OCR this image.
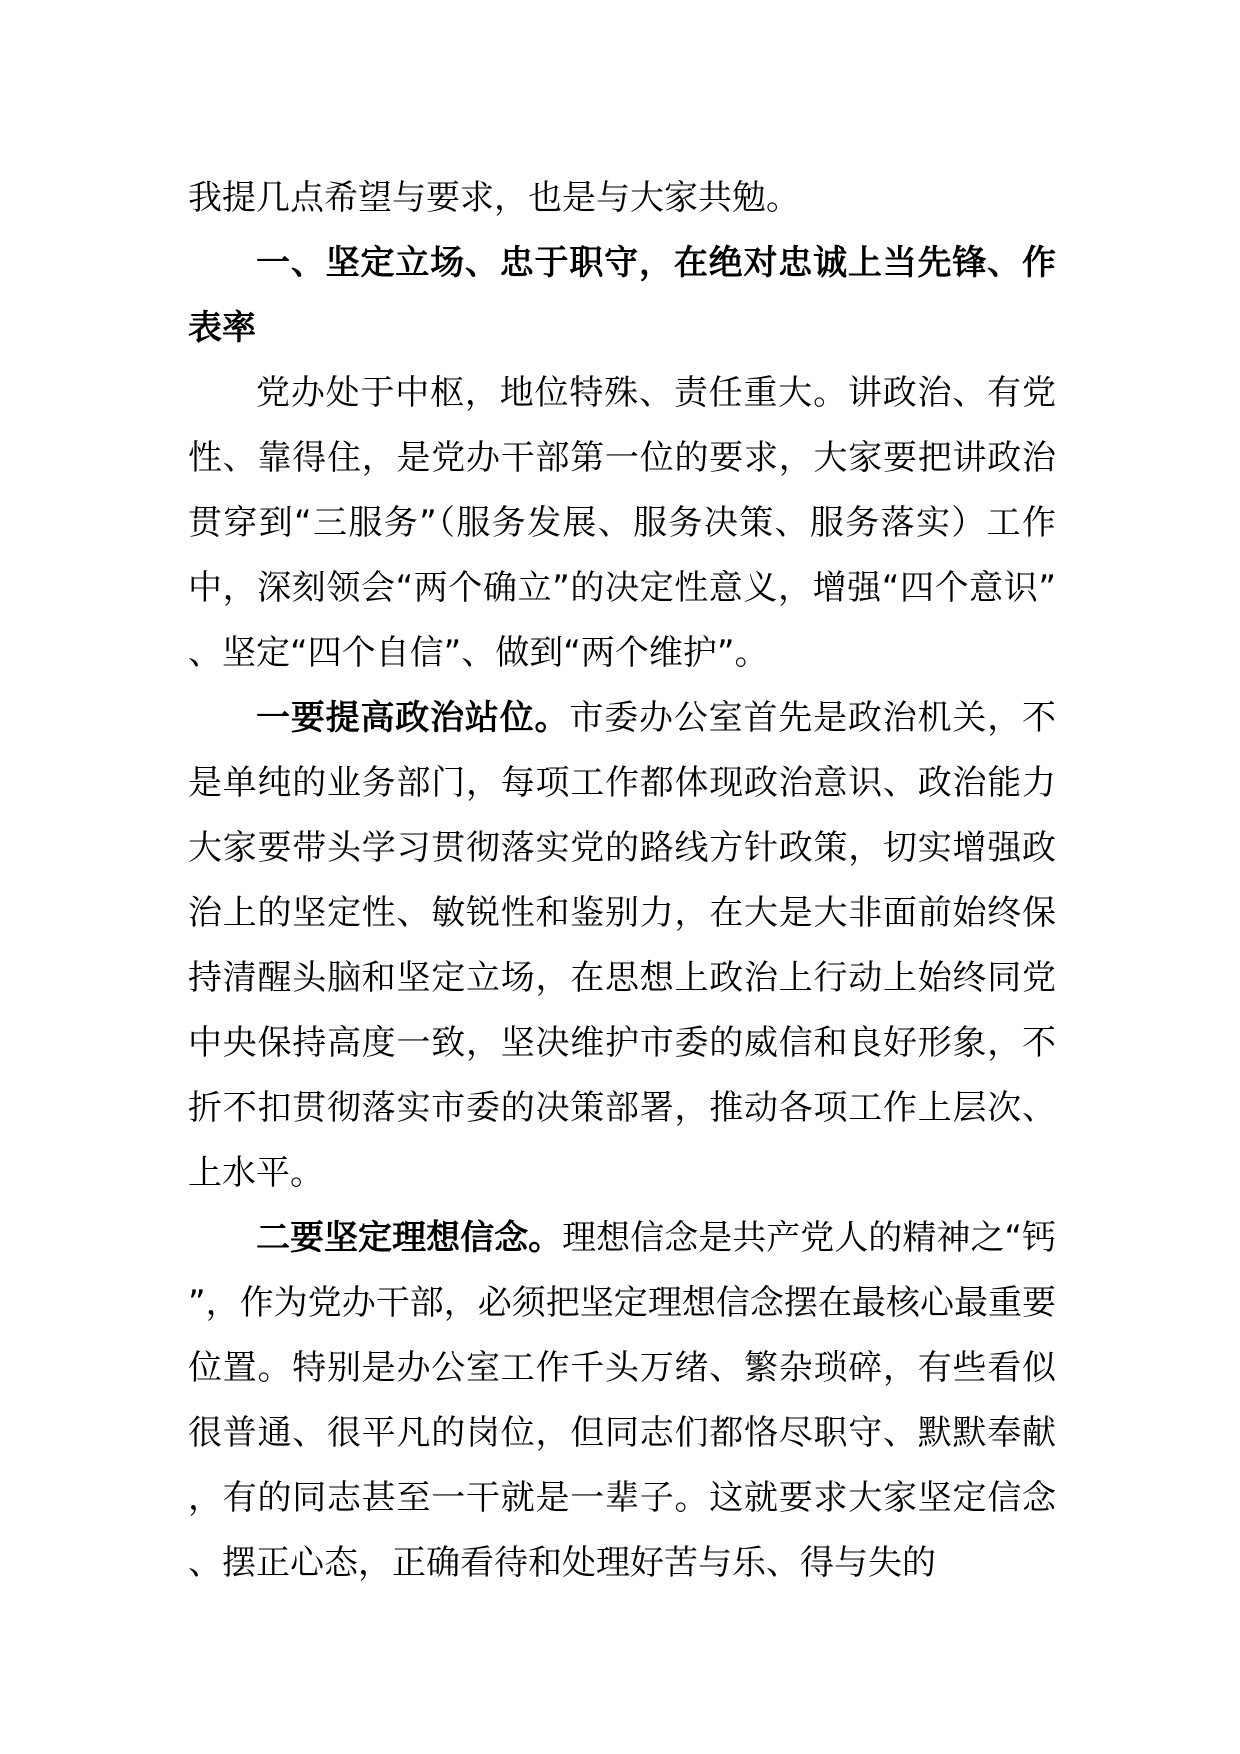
我提几点希望与要求，也是与大家共勉。

一、坚定立场、忠于职守，在绝对忠诚上当先锋、作表率

党办处于中枢，地位特殊、责任重大。讲政治、有党性、靠得住，是党办干部第一位的要求，大家要把讲政治贯穿到“三服务”（服务发展、服务决策、服务落实）工作中，深刻领会“两个确立”的决定性意义，增强“四个意识”、坚定“四个自信”、做到“两个维护”。

一要提高政治站位。市委办公室首先是政治机关，不是单纯的业务部门，每项工作都体现政治意识、政治能力大家要带头学习贯彻落实党的路线方针政策，切实增强政治上的坚定性、敏锐性和鉴别力，在大是大非面前始终保持清醒头脑和坚定立场，在思想上政治上行动上始终同党中央保持高度一致，坚决维护市委的威信和良好形象，不折不扣贯彻落实市委的决策部署，推动各项工作上层次、上水平。

二要坚定理想信念。理想信念是共产党人的精神之“钙”，作为党办干部，必须把坚定理想信念摆在最核心最重要位置。特别是办公室工作千头万绪、繁杂琐碎，有些看似很普通、很平凡的岗位，但同志们都恪尽职守、默默奉献，有的同志甚至一干就是一辈子。这就要求大家坚定信念、摆正心态，正确看待和处理好苦与乐、得与失的
